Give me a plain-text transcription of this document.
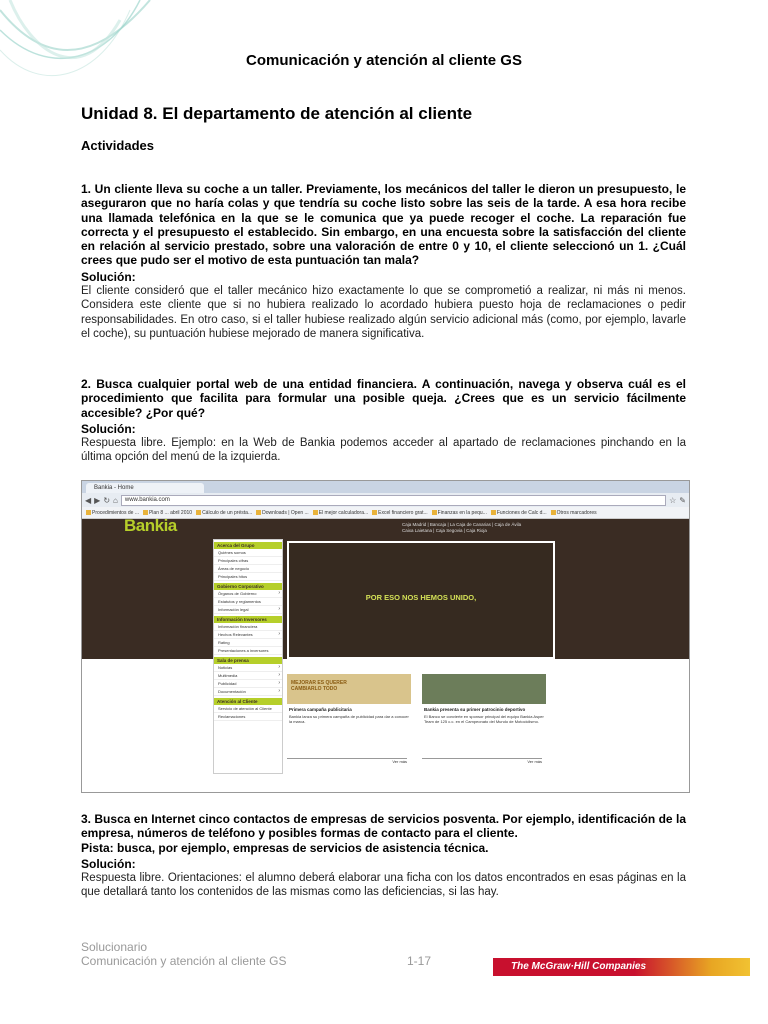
Comunicación y atención al cliente GS
Unidad 8. El departamento de atención al cliente
Actividades
1. Un cliente lleva su coche a un taller. Previamente, los mecánicos del taller le dieron un presupuesto, le aseguraron que no haría colas y que tendría su coche listo sobre las seis de la tarde. A esa hora recibe una llamada telefónica en la que se le comunica que ya puede recoger el coche. La reparación fue correcta y el presupuesto el establecido. Sin embargo, en una encuesta sobre la satisfacción del cliente en relación al servicio prestado, sobre una valoración de entre 0 y 10, el cliente seleccionó un 1. ¿Cuál crees que pudo ser el motivo de esta puntuación tan mala?
Solución:
El cliente consideró que el taller mecánico hizo exactamente lo que se comprometió a realizar, ni más ni menos. Considera este cliente que si no hubiera realizado lo acordado hubiera puesto hoja de reclamaciones o pedir responsabilidades. En otro caso, si el taller hubiese realizado algún servicio adicional más (como, por ejemplo, lavarle el coche), su puntuación hubiese mejorado de manera significativa.
2. Busca cualquier portal web de una entidad financiera. A continuación, navega y observa cuál es el procedimiento que facilita para formular una posible queja. ¿Crees que es un servicio fácilmente accesible? ¿Por qué?
Solución:
Respuesta libre. Ejemplo: en la Web de Bankia podemos acceder al apartado de reclamaciones pinchando en la última opción del menú de la izquierda.
Bankia - Home
◀ ▶ ↻ ⌂	www.bankia.com	☆ ✎
Procedimientos de ...	Plan 8 ... abril 2010	Cálculo de un présta...	Downloads | Open ...	El mejor calculadora...	Excel financiero grat...	Finanzas en la pequ...	Funciones de Calc d...	Otros marcadores
Bankia	Caja Madrid | Bancaja | La Caja de Canarias | Caja de Ávila
Caixa Laietana | Caja Segovia | Caja Rioja
POR ESO NOS HEMOS UNIDO,
Acerca del Grupo
Quiénes somos
Principales cifras
Áreas de negocio
Principales hitos
Gobierno Corporativo
Órganos de Gobierno	›
Estatutos y reglamentos
Información legal	›
Información Inversores
Información financiera
Hechos Relevantes	›
Rating
Presentaciones a inversores
Sala de prensa
Noticias	›
Multimedia	›
Publicidad	›
Documentación	›
Atención al Cliente
Servicio de atención al Cliente
Reclamaciones
MEJORAR ES QUERER CAMBIARLO TODO
Primera campaña publicitaria
Bankia lanza su primera campaña de publicidad para dar a conocer la marca.
Ver más
Bankia presenta su primer patrocinio deportivo
El Banco se convierte en sponsor principal del equipo Bankia Asper Team de 125 c.c. en el Campeonato del Mundo de Motociclismo.
Ver más
3. Busca en Internet cinco contactos de empresas de servicios posventa. Por ejemplo, identificación de la empresa, números de teléfono y posibles formas de contacto para el cliente.
Pista: busca, por ejemplo, empresas de servicios de asistencia técnica.
Solución:
Respuesta libre. Orientaciones: el alumno deberá elaborar una ficha con los datos encontrados en esas páginas en la que detallará tanto los contenidos de las mismas como las deficiencias, si las hay.
Solucionario
Comunicación y atención al cliente GS	1-17	The McGraw·Hill Companies
